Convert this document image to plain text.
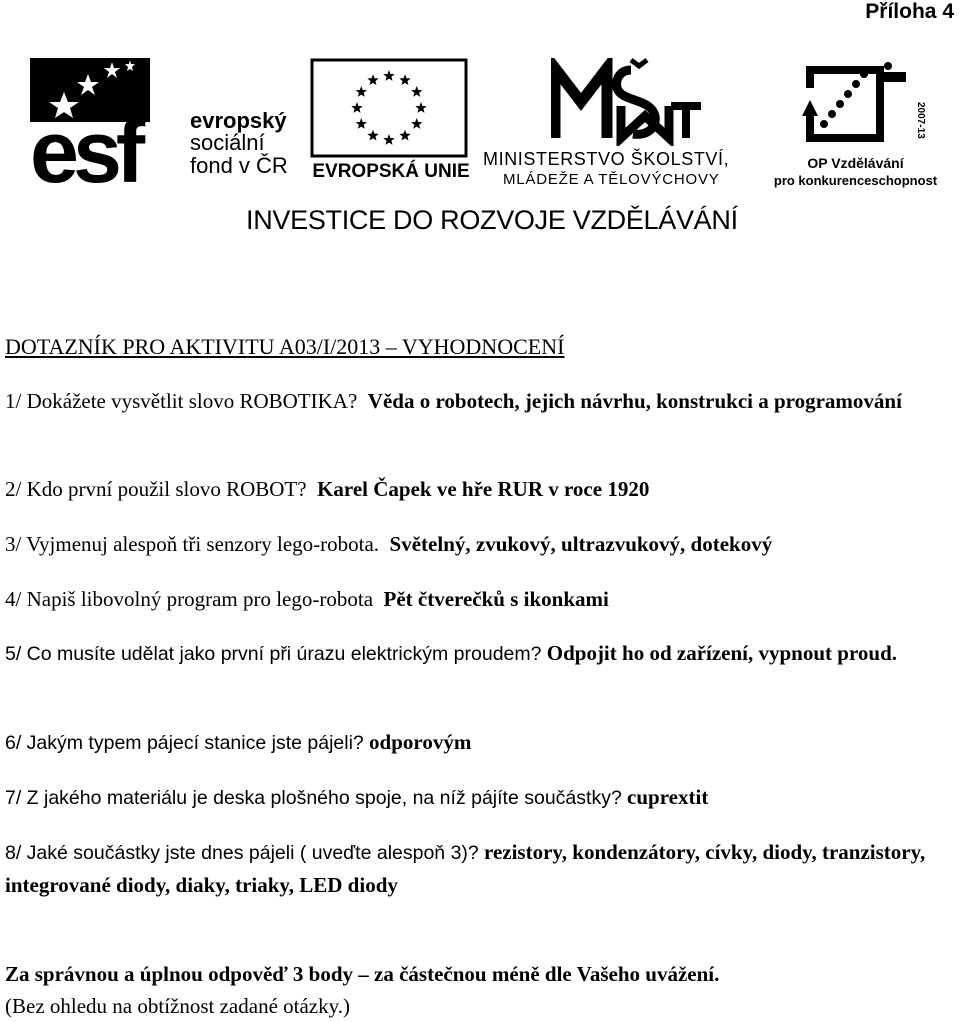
Příloha 4
esf	evropský
sociální
fond v ČR EVROPSKÁ UNIE
MINISTERSTVO ŠKOLSTVÍ,
MLÁDEŽE A TĚLOVÝCHOVY
2007-13
OP Vzdělávání
pro konkurenceschopnost
INVESTICE DO ROZVOJE VZDĚLÁVÁNÍ
DOTAZNÍK PRO AKTIVITU A03/I/2013 – VYHODNOCENÍ
1/ Dokážete vysvětlit slovo ROBOTIKA? Věda o robotech, jejich návrhu, konstrukci a programování
2/ Kdo první použil slovo ROBOT? Karel Čapek ve hře RUR v roce 1920
3/ Vyjmenuj alespoň tři senzory lego-robota. Světelný, zvukový, ultrazvukový, dotekový
4/ Napiš libovolný program pro lego-robota Pět čtverečků s ikonkami
5/ Co musíte udělat jako první při úrazu elektrickým proudem? Odpojit ho od zařízení, vypnout proud.
6/ Jakým typem pájecí stanice jste pájeli? odporovým
7/ Z jakého materiálu je deska plošného spoje, na níž pájíte součástky? cuprextit
8/ Jaké součástky jste dnes pájeli ( uveďte alespoň 3)? rezistory, kondenzátory, cívky, diody, tranzistory, integrované diody, diaky, triaky, LED diody
Za správnou a úplnou odpověď 3 body – za částečnou méně dle Vašeho uvážení.
(Bez ohledu na obtížnost zadané otázky.)
